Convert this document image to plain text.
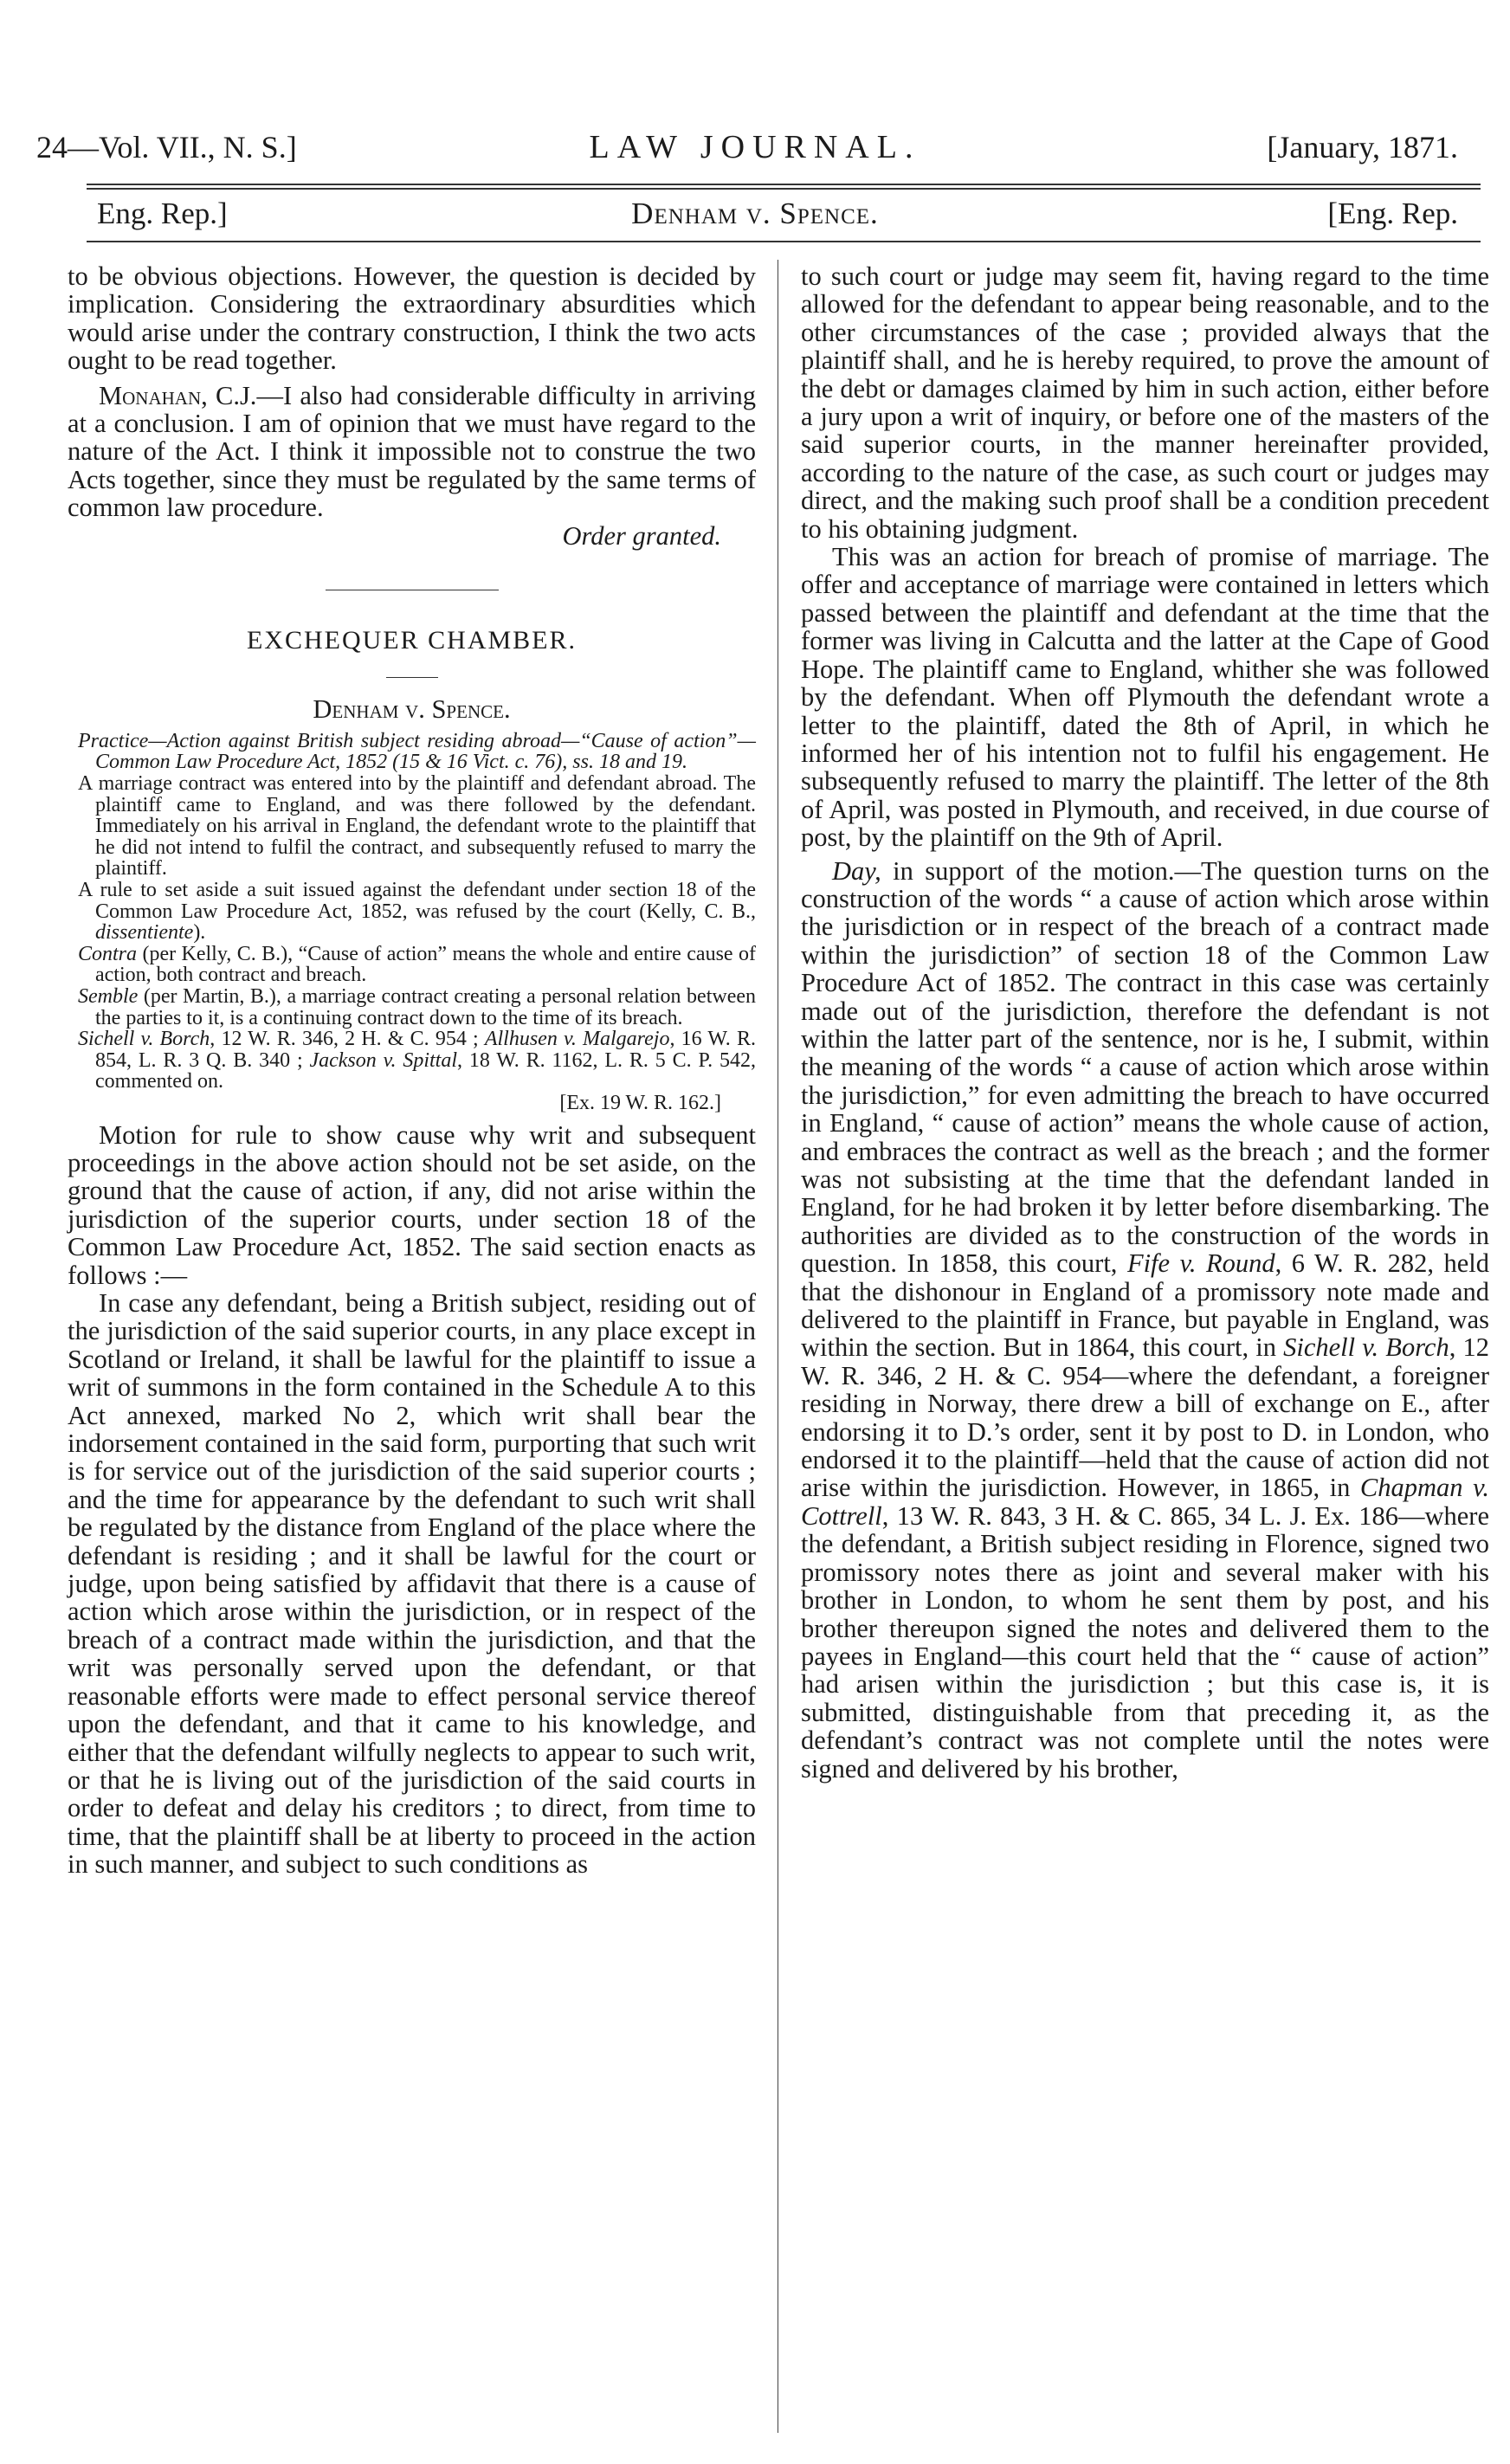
24—Vol. VII., N. S.]	LAW JOURNAL.	[January, 1871.
Eng. Rep.]	Denham v. Spence.	[Eng. Rep.

to be obvious objections. However, the question is decided by implication. Considering the extraordinary absurdities which would arise under the contrary construction, I think the two acts ought to be read together.

Monahan, C.J.—I also had considerable difficulty in arriving at a conclusion. I am of opinion that we must have regard to the nature of the Act. I think it impossible not to construe the two Acts together, since they must be regulated by the same terms of common law procedure.

Order granted.

EXCHEQUER CHAMBER.

Denham v. Spence.

Practice—Action against British subject residing abroad—“Cause of action”—Common Law Procedure Act, 1852 (15 & 16 Vict. c. 76), ss. 18 and 19.

A marriage contract was entered into by the plaintiff and defendant abroad. The plaintiff came to England, and was there followed by the defendant. Immediately on his arrival in England, the defendant wrote to the plaintiff that he did not intend to fulfil the contract, and subsequently refused to marry the plaintiff.

A rule to set aside a suit issued against the defendant under section 18 of the Common Law Procedure Act, 1852, was refused by the court (Kelly, C. B., dissentiente).

Contra (per Kelly, C. B.), “Cause of action” means the whole and entire cause of action, both contract and breach.

Semble (per Martin, B.), a marriage contract creating a personal relation between the parties to it, is a continuing contract down to the time of its breach.

Sichell v. Borch, 12 W. R. 346, 2 H. & C. 954 ; Allhusen v. Malgarejo, 16 W. R. 854, L. R. 3 Q. B. 340 ; Jackson v. Spittal, 18 W. R. 1162, L. R. 5 C. P. 542, commented on.

[Ex. 19 W. R. 162.]

Motion for rule to show cause why writ and subsequent proceedings in the above action should not be set aside, on the ground that the cause of action, if any, did not arise within the jurisdiction of the superior courts, under section 18 of the Common Law Procedure Act, 1852. The said section enacts as follows :—

In case any defendant, being a British subject, residing out of the jurisdiction of the said superior courts, in any place except in Scotland or Ireland, it shall be lawful for the plaintiff to issue a writ of summons in the form contained in the Schedule A to this Act annexed, marked No 2, which writ shall bear the indorsement contained in the said form, purporting that such writ is for service out of the jurisdiction of the said superior courts ; and the time for appearance by the defendant to such writ shall be regulated by the distance from England of the place where the defendant is residing ; and it shall be lawful for the court or judge, upon being satisfied by affidavit that there is a cause of action which arose within the jurisdiction, or in respect of the breach of a contract made within the jurisdiction, and that the writ was personally served upon the defendant, or that reasonable efforts were made to effect personal service thereof upon the defendant, and that it came to his knowledge, and either that the defendant wilfully neglects to appear to such writ, or that he is living out of the jurisdiction of the said courts in order to defeat and delay his creditors ; to direct, from time to time, that the plaintiff shall be at liberty to proceed in the action in such manner, and subject to such conditions as

to such court or judge may seem fit, having regard to the time allowed for the defendant to appear being reasonable, and to the other circumstances of the case ; provided always that the plaintiff shall, and he is hereby required, to prove the amount of the debt or damages claimed by him in such action, either before a jury upon a writ of inquiry, or before one of the masters of the said superior courts, in the manner hereinafter provided, according to the nature of the case, as such court or judges may direct, and the making such proof shall be a condition precedent to his obtaining judgment.

This was an action for breach of promise of marriage. The offer and acceptance of marriage were contained in letters which passed between the plaintiff and defendant at the time that the former was living in Calcutta and the latter at the Cape of Good Hope. The plaintiff came to England, whither she was followed by the defendant. When off Plymouth the defendant wrote a letter to the plaintiff, dated the 8th of April, in which he informed her of his intention not to fulfil his engagement. He subsequently refused to marry the plaintiff. The letter of the 8th of April, was posted in Plymouth, and received, in due course of post, by the plaintiff on the 9th of April.

Day, in support of the motion.—The question turns on the construction of the words “ a cause of action which arose within the jurisdiction or in respect of the breach of a contract made within the jurisdiction” of section 18 of the Common Law Procedure Act of 1852. The contract in this case was certainly made out of the jurisdiction, therefore the defendant is not within the latter part of the sentence, nor is he, I submit, within the meaning of the words “ a cause of action which arose within the jurisdiction,” for even admitting the breach to have occurred in England, “ cause of action” means the whole cause of action, and embraces the contract as well as the breach ; and the former was not subsisting at the time that the defendant landed in England, for he had broken it by letter before disembarking. The authorities are divided as to the construction of the words in question. In 1858, this court, Fife v. Round, 6 W. R. 282, held that the dishonour in England of a promissory note made and delivered to the plaintiff in France, but payable in England, was within the section. But in 1864, this court, in Sichell v. Borch, 12 W. R. 346, 2 H. & C. 954—where the defendant, a foreigner residing in Norway, there drew a bill of exchange on E., after endorsing it to D.’s order, sent it by post to D. in London, who endorsed it to the plaintiff—held that the cause of action did not arise within the jurisdiction. However, in 1865, in Chapman v. Cottrell, 13 W. R. 843, 3 H. & C. 865, 34 L. J. Ex. 186—where the defendant, a British subject residing in Florence, signed two promissory notes there as joint and several maker with his brother in London, to whom he sent them by post, and his brother thereupon signed the notes and delivered them to the payees in England—this court held that the “ cause of action” had arisen within the jurisdiction ; but this case is, it is submitted, distinguishable from that preceding it, as the defendant’s contract was not complete until the notes were signed and delivered by his brother,
